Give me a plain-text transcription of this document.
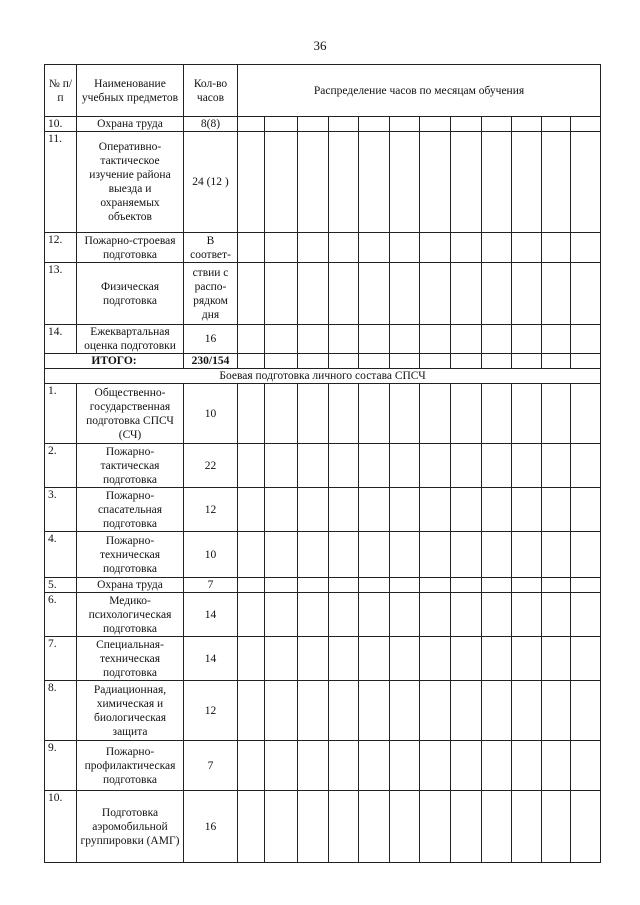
36
№ п/п	Наименование учебных предметов	Кол-во часов	Распределение часов по месяцам обучения											
10.	Охрана труда	8(8)												
11.	Оперативно-тактическое изучение района выезда и охраняемых объектов	24 (12 )												
12.	Пожарно-строевая подготовка	В соответ-												
13.	Физическая подготовка	ствии с распо-рядком дня												
14.	Ежеквартальная оценка подготовки	16												
ИТОГО:		230/154												
Боевая подготовка личного состава СПСЧ														
1.	Общественно-государственная подготовка СПСЧ (СЧ)	10												
2.	Пожарно-тактическая подготовка	22												
3.	Пожарно-спасательная подготовка	12												
4.	Пожарно-техническая подготовка	10												
5.	Охрана труда	7												
6.	Медико-психологическая подготовка	14												
7.	Специальная-техническая подготовка	14												
8.	Радиационная, химическая и биологическая защита	12												
9.	Пожарно-профилактическая подготовка	7												
10.	Подготовка аэромобильной группировки (АМГ)	16												
